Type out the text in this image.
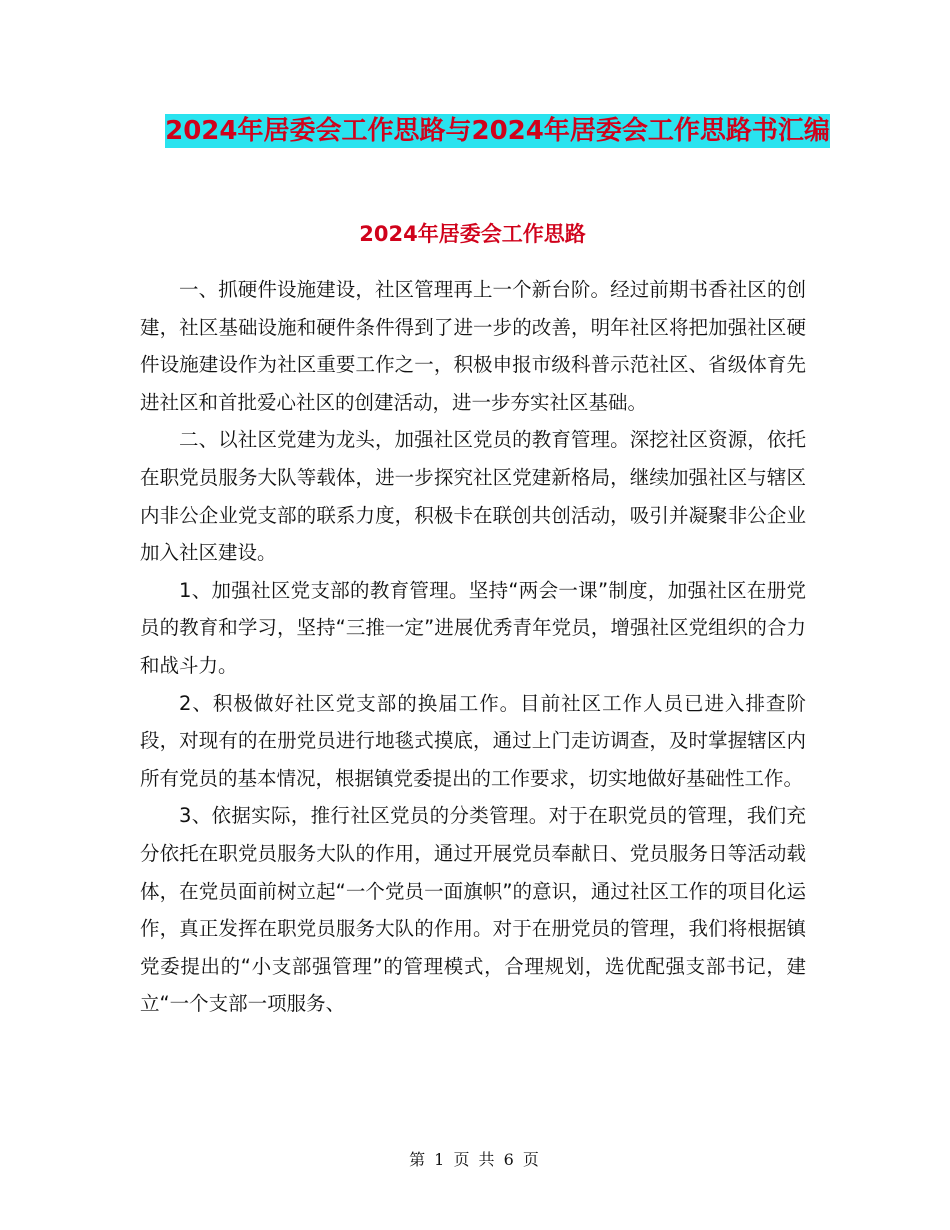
2024年居委会工作思路与2024年居委会工作思路书汇编
2024年居委会工作思路

一、抓硬件设施建设，社区管理再上一个新台阶。经过前期书香社区的创建，社区基础设施和硬件条件得到了进一步的改善，明年社区将把加强社区硬件设施建设作为社区重要工作之一，积极申报市级科普示范社区、省级体育先进社区和首批爱心社区的创建活动，进一步夯实社区基础。

二、以社区党建为龙头，加强社区党员的教育管理。深挖社区资源，依托在职党员服务大队等载体，进一步探究社区党建新格局，继续加强社区与辖区内非公企业党支部的联系力度，积极卡在联创共创活动，吸引并凝聚非公企业加入社区建设。

1、加强社区党支部的教育管理。坚持“两会一课”制度，加强社区在册党员的教育和学习，坚持“三推一定”进展优秀青年党员，增强社区党组织的合力和战斗力。

2、积极做好社区党支部的换届工作。目前社区工作人员已进入排查阶段，对现有的在册党员进行地毯式摸底，通过上门走访调查，及时掌握辖区内所有党员的基本情况，根据镇党委提出的工作要求，切实地做好基础性工作。

3、依据实际，推行社区党员的分类管理。对于在职党员的管理，我们充分依托在职党员服务大队的作用，通过开展党员奉献日、党员服务日等活动载体，在党员面前树立起“一个党员一面旗帜”的意识，通过社区工作的项目化运作，真正发挥在职党员服务大队的作用。对于在册党员的管理，我们将根据镇党委提出的“小支部强管理”的管理模式，合理规划，选优配强支部书记，建立“一个支部一项服务、

第 1 页 共 6 页
